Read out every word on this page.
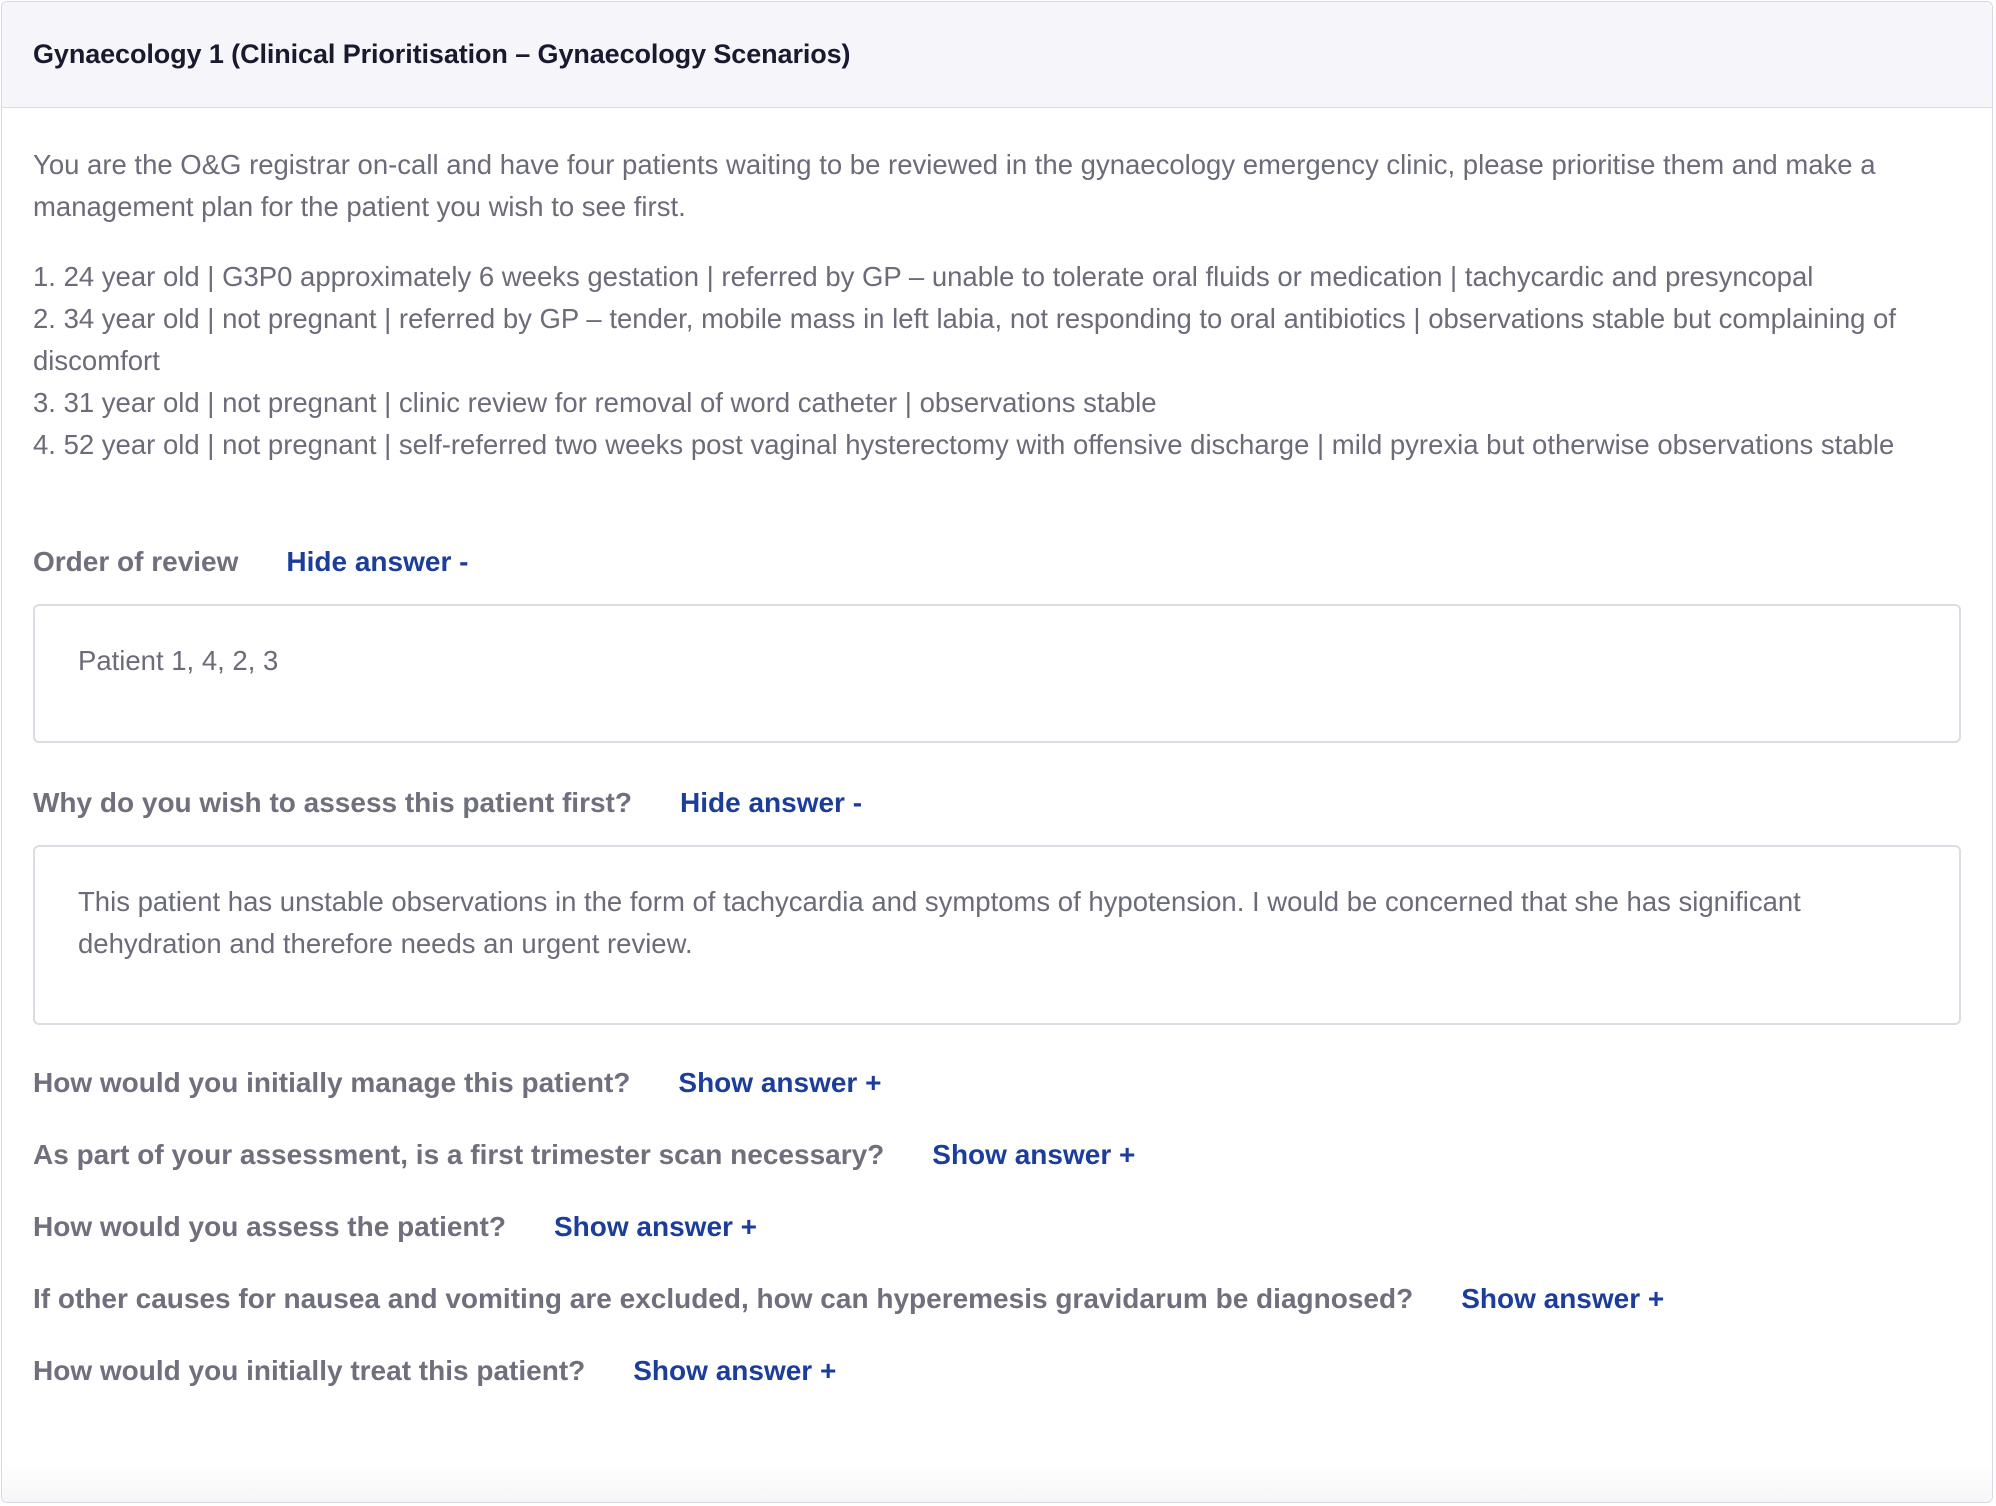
Gynaecology 1 (Clinical Prioritisation – Gynaecology Scenarios)

You are the O&G registrar on-call and have four patients waiting to be reviewed in the gynaecology emergency clinic, please prioritise them and make a management plan for the patient you wish to see first.

1. 24 year old | G3P0 approximately 6 weeks gestation | referred by GP – unable to tolerate oral fluids or medication | tachycardic and presyncopal
2. 34 year old | not pregnant | referred by GP – tender, mobile mass in left labia, not responding to oral antibiotics | observations stable but complaining of discomfort
3. 31 year old | not pregnant | clinic review for removal of word catheter | observations stable
4. 52 year old | not pregnant | self-referred two weeks post vaginal hysterectomy with offensive discharge | mild pyrexia but otherwise observations stable
Order of review Hide answer -
Patient 1, 4, 2, 3
Why do you wish to assess this patient first? Hide answer -
This patient has unstable observations in the form of tachycardia and symptoms of hypotension. I would be concerned that she has significant dehydration and therefore needs an urgent review.
How would you initially manage this patient? Show answer +
As part of your assessment, is a first trimester scan necessary? Show answer +
How would you assess the patient? Show answer +
If other causes for nausea and vomiting are excluded, how can hyperemesis gravidarum be diagnosed? Show answer +
How would you initially treat this patient? Show answer +
